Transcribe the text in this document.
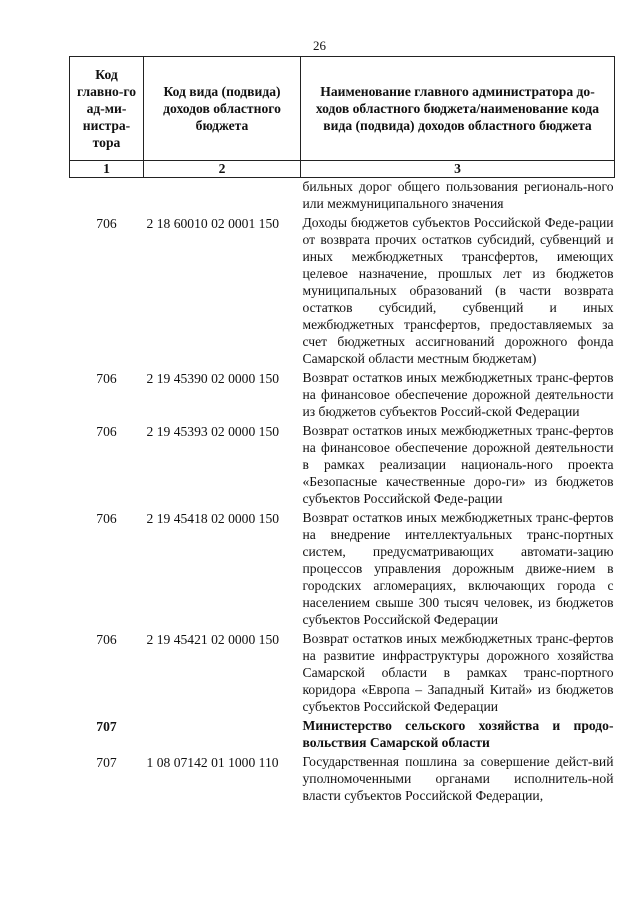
26
Код главно-го ад-ми-нистра-тора	Код вида (подвида) доходов областного бюджета	Наименование главного администратора до-ходов областного бюджета/наименование кода вида (подвида) доходов областного бюджета
1	2	3
		бильных дорог общего пользования региональ-ного или межмуниципального значения
706	2 18 60010 02 0001 150	Доходы бюджетов субъектов Российской Феде-рации от возврата прочих остатков субсидий, субвенций и иных межбюджетных трансфертов, имеющих целевое назначение, прошлых лет из бюджетов муниципальных образований (в части возврата остатков субсидий, субвенций и иных межбюджетных трансфертов, предоставляемых за счет бюджетных ассигнований дорожного фонда Самарской области местным бюджетам)
706	2 19 45390 02 0000 150	Возврат остатков иных межбюджетных транс-фертов на финансовое обеспечение дорожной деятельности из бюджетов субъектов Россий-ской Федерации
706	2 19 45393 02 0000 150	Возврат остатков иных межбюджетных транс-фертов на финансовое обеспечение дорожной деятельности в рамках реализации националь-ного проекта «Безопасные качественные доро-ги» из бюджетов субъектов Российской Феде-рации
706	2 19 45418 02 0000 150	Возврат остатков иных межбюджетных транс-фертов на внедрение интеллектуальных транс-портных систем, предусматривающих автомати-зацию процессов управления дорожным движе-нием в городских агломерациях, включающих города с населением свыше 300 тысяч человек, из бюджетов субъектов Российской Федерации
706	2 19 45421 02 0000 150	Возврат остатков иных межбюджетных транс-фертов на развитие инфраструктуры дорожного хозяйства Самарской области в рамках транс-портного коридора «Европа – Западный Китай» из бюджетов субъектов Российской Федерации
707		Министерство сельского хозяйства и продо-вольствия Самарской области
707	1 08 07142 01 1000 110	Государственная пошлина за совершение дейст-вий уполномоченными органами исполнитель-ной власти субъектов Российской Федерации,
